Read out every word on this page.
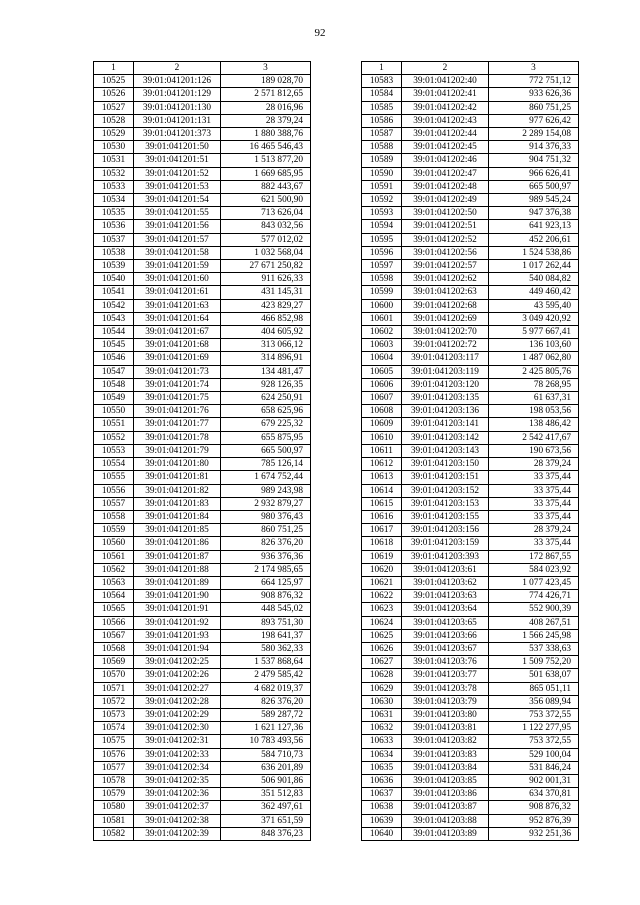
92
1	2	3
10525	39:01:041201:126	189 028,70
10526	39:01:041201:129	2 571 812,65
10527	39:01:041201:130	28 016,96
10528	39:01:041201:131	28 379,24
10529	39:01:041201:373	1 880 388,76
10530	39:01:041201:50	16 465 546,43
10531	39:01:041201:51	1 513 877,20
10532	39:01:041201:52	1 669 685,95
10533	39:01:041201:53	882 443,67
10534	39:01:041201:54	621 500,90
10535	39:01:041201:55	713 626,04
10536	39:01:041201:56	843 032,56
10537	39:01:041201:57	577 012,02
10538	39:01:041201:58	1 032 568,04
10539	39:01:041201:59	27 671 250,82
10540	39:01:041201:60	911 626,33
10541	39:01:041201:61	431 145,31
10542	39:01:041201:63	423 829,27
10543	39:01:041201:64	466 852,98
10544	39:01:041201:67	404 605,92
10545	39:01:041201:68	313 066,12
10546	39:01:041201:69	314 896,91
10547	39:01:041201:73	134 481,47
10548	39:01:041201:74	928 126,35
10549	39:01:041201:75	624 250,91
10550	39:01:041201:76	658 625,96
10551	39:01:041201:77	679 225,32
10552	39:01:041201:78	655 875,95
10553	39:01:041201:79	665 500,97
10554	39:01:041201:80	785 126,14
10555	39:01:041201:81	1 674 752,44
10556	39:01:041201:82	989 243,98
10557	39:01:041201:83	2 932 879,27
10558	39:01:041201:84	980 376,43
10559	39:01:041201:85	860 751,25
10560	39:01:041201:86	826 376,20
10561	39:01:041201:87	936 376,36
10562	39:01:041201:88	2 174 985,65
10563	39:01:041201:89	664 125,97
10564	39:01:041201:90	908 876,32
10565	39:01:041201:91	448 545,02
10566	39:01:041201:92	893 751,30
10567	39:01:041201:93	198 641,37
10568	39:01:041201:94	580 362,33
10569	39:01:041202:25	1 537 868,64
10570	39:01:041202:26	2 479 585,42
10571	39:01:041202:27	4 682 019,37
10572	39:01:041202:28	826 376,20
10573	39:01:041202:29	589 287,72
10574	39:01:041202:30	1 621 127,36
10575	39:01:041202:31	10 783 493,56
10576	39:01:041202:33	584 710,73
10577	39:01:041202:34	636 201,89
10578	39:01:041202:35	506 901,86
10579	39:01:041202:36	351 512,83
10580	39:01:041202:37	362 497,61
10581	39:01:041202:38	371 651,59
10582	39:01:041202:39	848 376,23
1	2	3
10583	39:01:041202:40	772 751,12
10584	39:01:041202:41	933 626,36
10585	39:01:041202:42	860 751,25
10586	39:01:041202:43	977 626,42
10587	39:01:041202:44	2 289 154,08
10588	39:01:041202:45	914 376,33
10589	39:01:041202:46	904 751,32
10590	39:01:041202:47	966 626,41
10591	39:01:041202:48	665 500,97
10592	39:01:041202:49	989 545,24
10593	39:01:041202:50	947 376,38
10594	39:01:041202:51	641 923,13
10595	39:01:041202:52	452 206,61
10596	39:01:041202:56	1 524 538,86
10597	39:01:041202:57	1 017 262,44
10598	39:01:041202:62	540 084,82
10599	39:01:041202:63	449 460,42
10600	39:01:041202:68	43 595,40
10601	39:01:041202:69	3 049 420,92
10602	39:01:041202:70	5 977 667,41
10603	39:01:041202:72	136 103,60
10604	39:01:041203:117	1 487 062,80
10605	39:01:041203:119	2 425 805,76
10606	39:01:041203:120	78 268,95
10607	39:01:041203:135	61 637,31
10608	39:01:041203:136	198 053,56
10609	39:01:041203:141	138 486,42
10610	39:01:041203:142	2 542 417,67
10611	39:01:041203:143	190 673,56
10612	39:01:041203:150	28 379,24
10613	39:01:041203:151	33 375,44
10614	39:01:041203:152	33 375,44
10615	39:01:041203:153	33 375,44
10616	39:01:041203:155	33 375,44
10617	39:01:041203:156	28 379,24
10618	39:01:041203:159	33 375,44
10619	39:01:041203:393	172 867,55
10620	39:01:041203:61	584 023,92
10621	39:01:041203:62	1 077 423,45
10622	39:01:041203:63	774 426,71
10623	39:01:041203:64	552 900,39
10624	39:01:041203:65	408 267,51
10625	39:01:041203:66	1 566 245,98
10626	39:01:041203:67	537 338,63
10627	39:01:041203:76	1 509 752,20
10628	39:01:041203:77	501 638,07
10629	39:01:041203:78	865 051,11
10630	39:01:041203:79	356 089,94
10631	39:01:041203:80	753 372,55
10632	39:01:041203:81	1 122 277,95
10633	39:01:041203:82	753 372,55
10634	39:01:041203:83	529 100,04
10635	39:01:041203:84	531 846,24
10636	39:01:041203:85	902 001,31
10637	39:01:041203:86	634 370,81
10638	39:01:041203:87	908 876,32
10639	39:01:041203:88	952 876,39
10640	39:01:041203:89	932 251,36
